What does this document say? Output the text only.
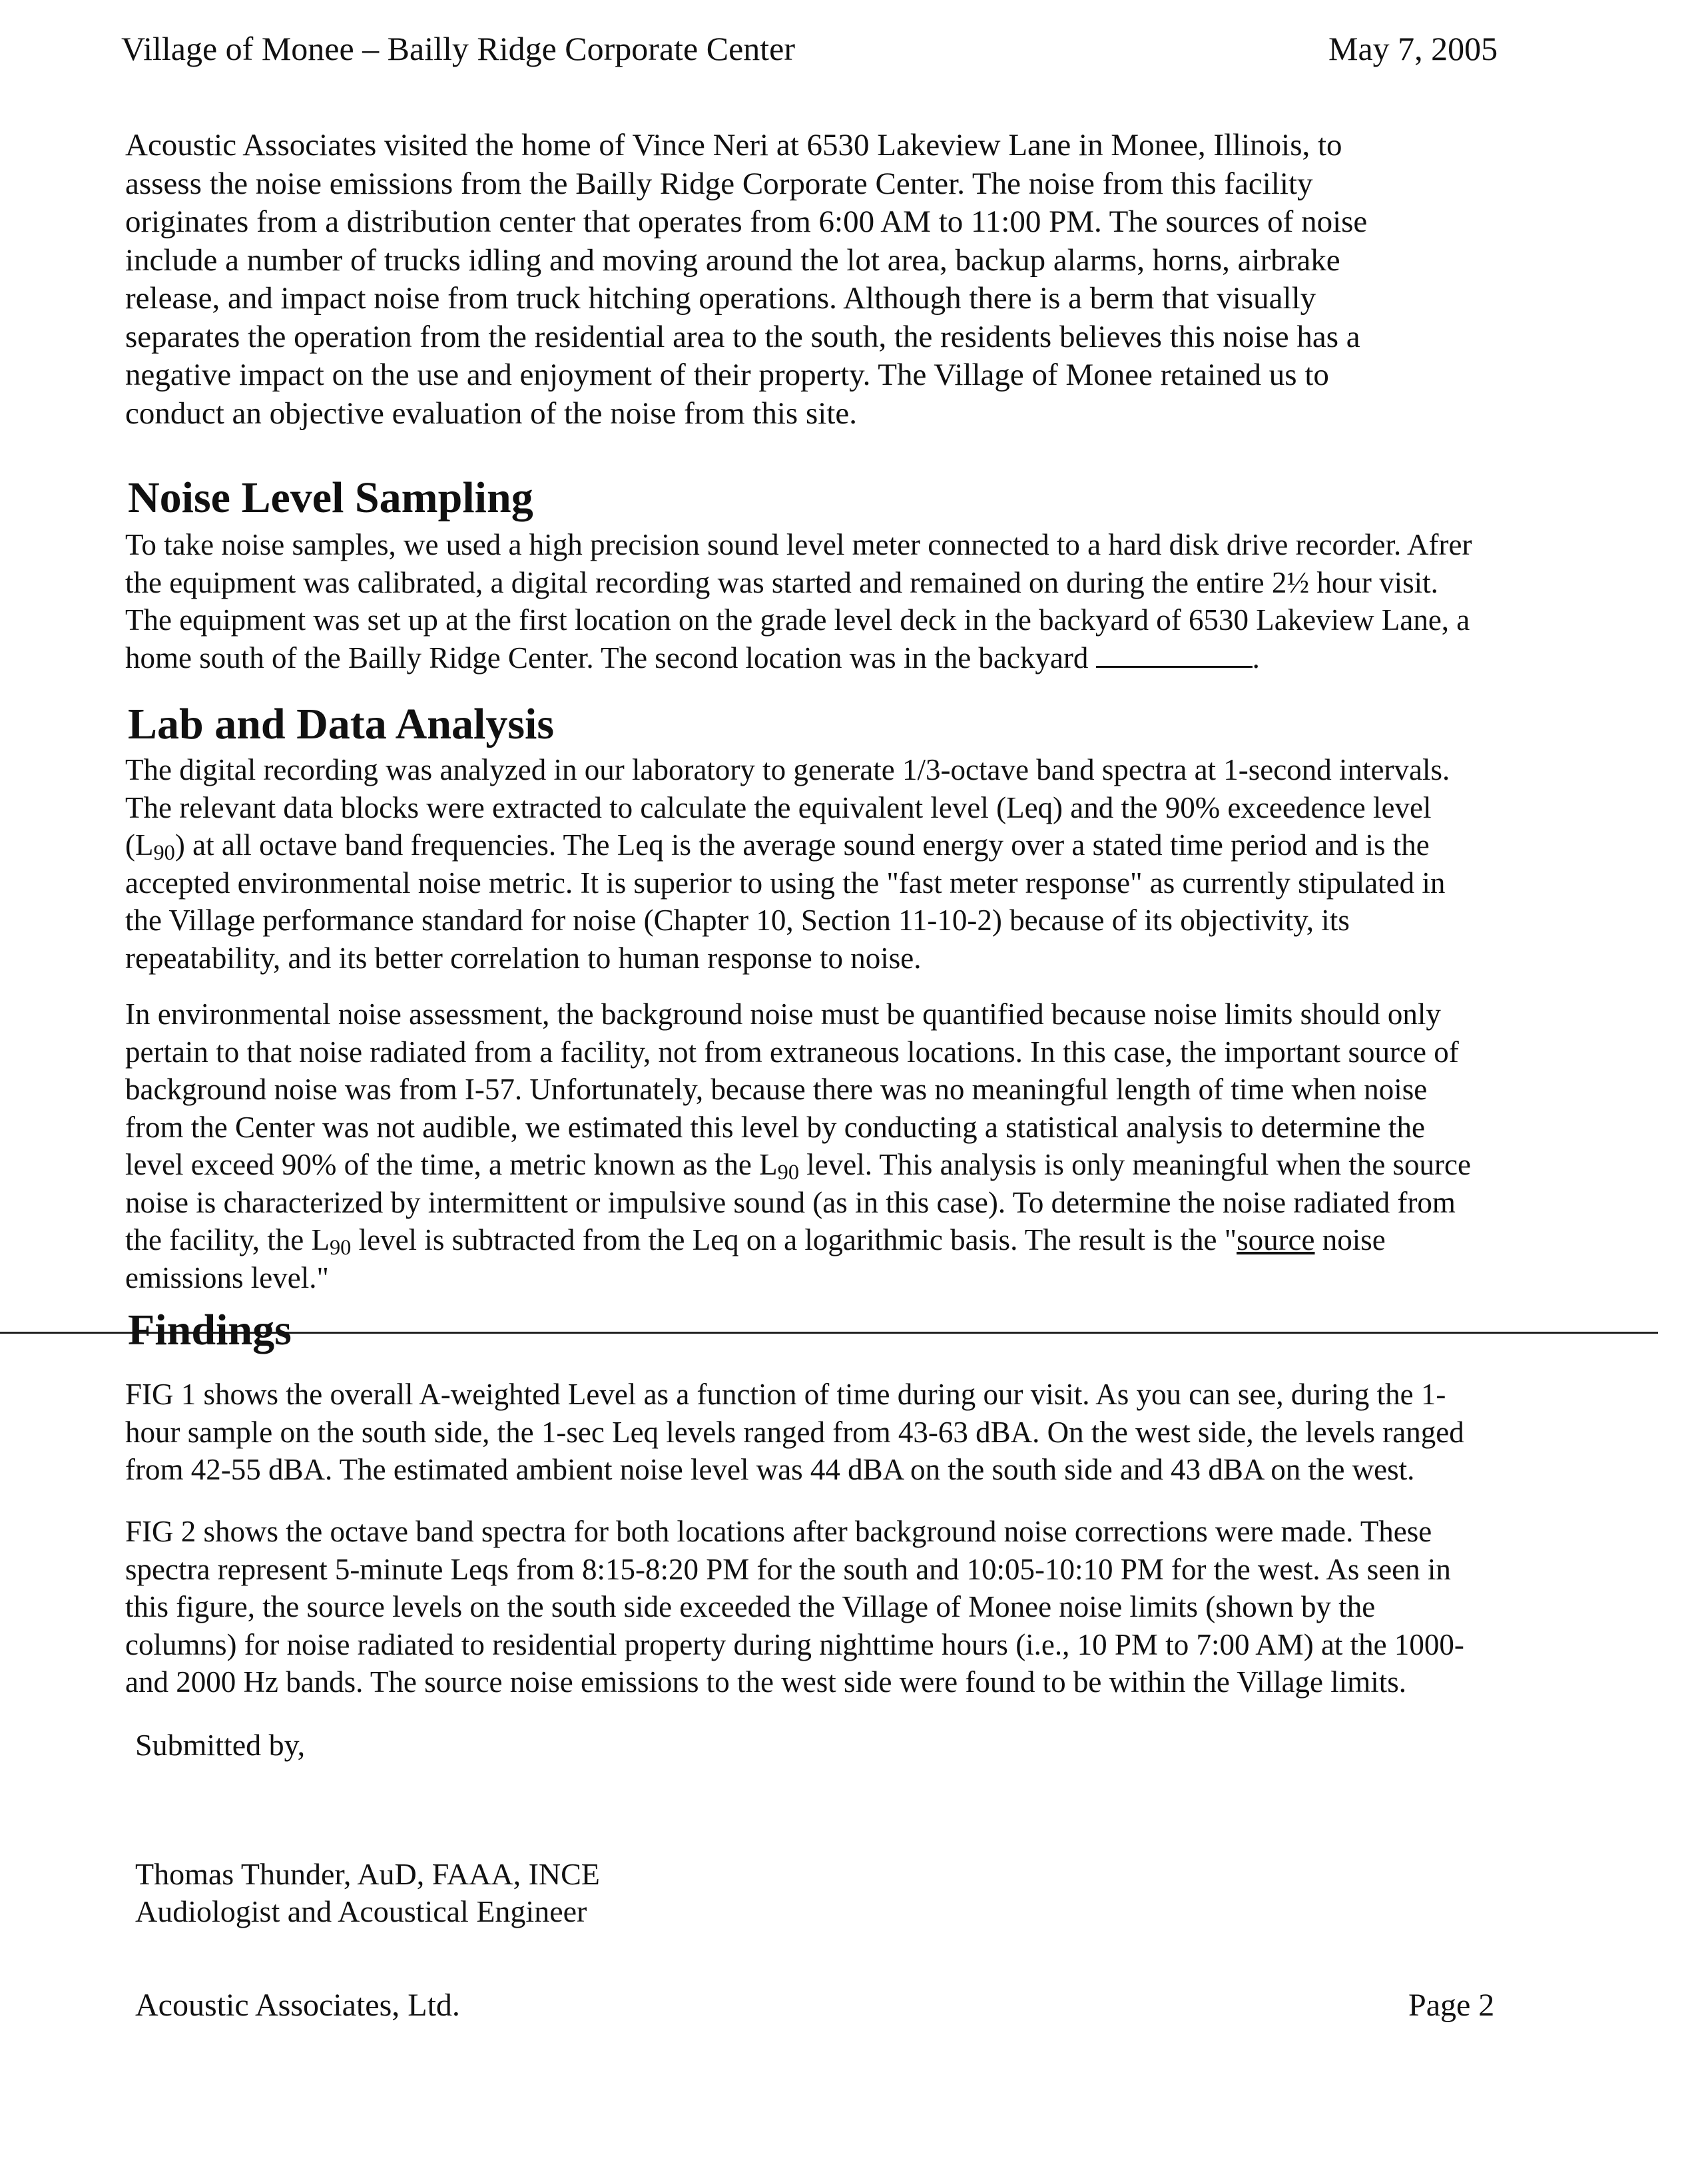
Village of Monee – Bailly Ridge Corporate Center	May 7, 2005
Acoustic Associates visited the home of Vince Neri at 6530 Lakeview Lane in Monee, Illinois, to
assess the noise emissions from the Bailly Ridge Corporate Center. The noise from this facility
originates from a distribution center that operates from 6:00 AM to 11:00 PM. The sources of noise
include a number of trucks idling and moving around the lot area, backup alarms, horns, airbrake
release, and impact noise from truck hitching operations. Although there is a berm that visually
separates the operation from the residential area to the south, the residents believes this noise has a
negative impact on the use and enjoyment of their property. The Village of Monee retained us to
conduct an objective evaluation of the noise from this site.
Noise Level Sampling
To take noise samples, we used a high precision sound level meter connected to a hard disk drive recorder. Afrer
the equipment was calibrated, a digital recording was started and remained on during the entire 2½ hour visit.
The equipment was set up at the first location on the grade level deck in the backyard of 6530 Lakeview Lane, a
home south of the Bailly Ridge Center. The second location was in the backyard	.
Lab and Data Analysis
The digital recording was analyzed in our laboratory to generate 1/3-octave band spectra at 1-second intervals.
The relevant data blocks were extracted to calculate the equivalent level (Leq) and the 90% exceedence level
$(L_{90})$ at all octave band frequencies. The Leq is the average sound energy over a stated time period and is the
accepted environmental noise metric. It is superior to using the "fast meter response" as currently stipulated in
the Village performance standard for noise (Chapter 10, Section 11-10-2) because of its objectivity, its
repeatability, and its better correlation to human response to noise.
In environmental noise assessment, the background noise must be quantified because noise limits should only
pertain to that noise radiated from a facility, not from extraneous locations. In this case, the important source of
background noise was from I-57. Unfortunately, because there was no meaningful length of time when noise
from the Center was not audible, we estimated this level by conducting a statistical analysis to determine the
level exceed 90% of the time, a metric known as the $L_{90}$ level. This analysis is only meaningful when the source
noise is characterized by intermittent or impulsive sound (as in this case). To determine the noise radiated from
the facility, the $L_{90}$ level is subtracted from the Leq on a logarithmic basis. The result is the "source noise
emissions level."
Findings
FIG 1 shows the overall A-weighted Level as a function of time during our visit. As you can see, during the 1-
hour sample on the south side, the 1-sec Leq levels ranged from 43-63 dBA. On the west side, the levels ranged
from 42-55 dBA. The estimated ambient noise level was 44 dBA on the south side and 43 dBA on the west.
FIG 2 shows the octave band spectra for both locations after background noise corrections were made. These
spectra represent 5-minute Leqs from 8:15-8:20 PM for the south and 10:05-10:10 PM for the west. As seen in
this figure, the source levels on the south side exceeded the Village of Monee noise limits (shown by the
columns) for noise radiated to residential property during nighttime hours (i.e., 10 PM to 7:00 AM) at the 1000-
and 2000 Hz bands. The source noise emissions to the west side were found to be within the Village limits.
Submitted by,
Thomas Thunder, AuD, FAAA, INCE
Audiologist and Acoustical Engineer
Acoustic Associates, Ltd.	Page 2
